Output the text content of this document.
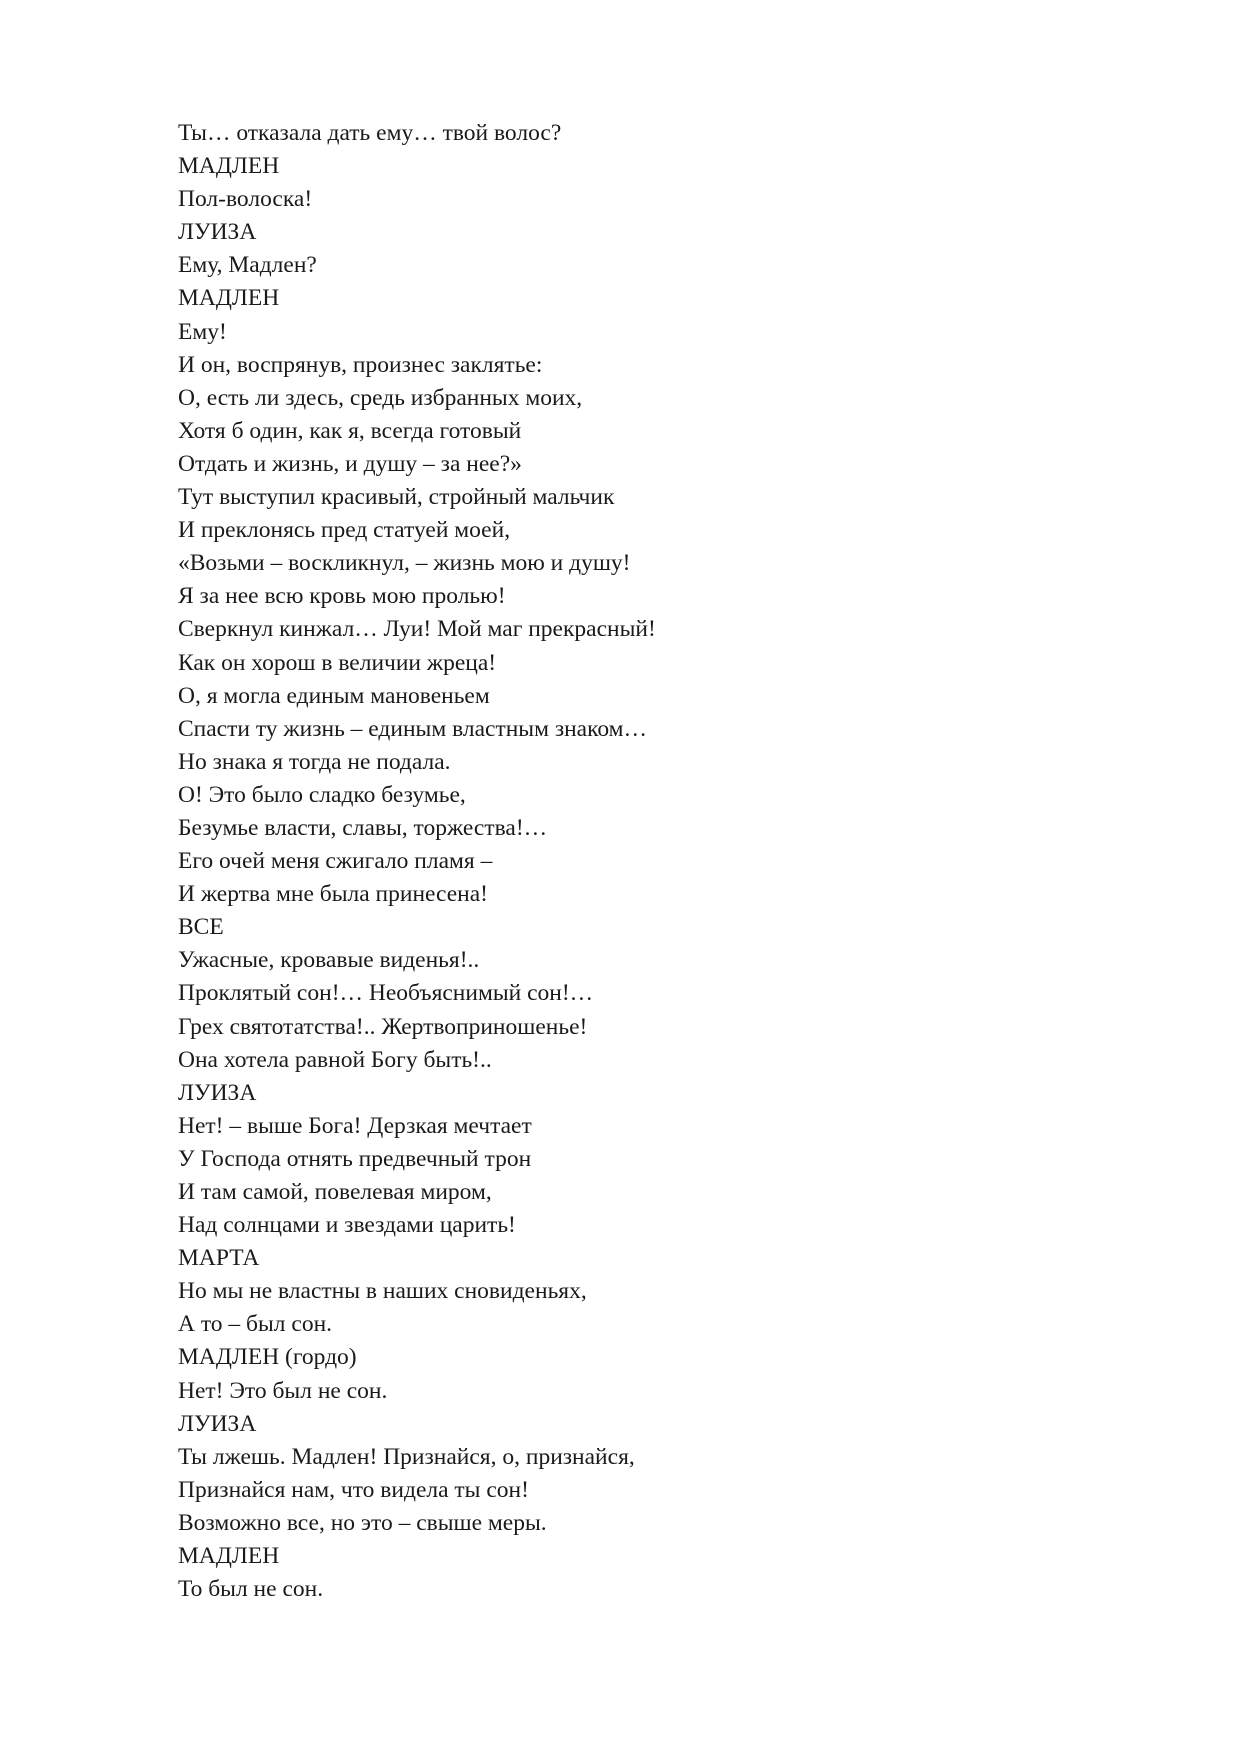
Ты… отказала дать ему… твой волос?
МАДЛЕН
Пол-волоска!
ЛУИЗА
Ему, Мадлен?
МАДЛЕН
Ему!
И он, воспрянув, произнес заклятье:
О, есть ли здесь, средь избранных моих,
Хотя б один, как я, всегда готовый
Отдать и жизнь, и душу – за нее?»
Тут выступил красивый, стройный мальчик
И преклонясь пред статуей моей,
«Возьми – воскликнул, – жизнь мою и душу!
Я за нее всю кровь мою пролью!
Сверкнул кинжал… Луи! Мой маг прекрасный!
Как он хорош в величии жреца!
О, я могла единым мановеньем
Спасти ту жизнь – единым властным знаком…
Но знака я тогда не подала.
О! Это было сладко безумье,
Безумье власти, славы, торжества!…
Его очей меня сжигало пламя –
И жертва мне была принесена!
ВСЕ
Ужасные, кровавые виденья!..
Проклятый сон!… Необъяснимый сон!…
Грех святотатства!.. Жертвоприношенье!
Она хотела равной Богу быть!..
ЛУИЗА
Нет! – выше Бога! Дерзкая мечтает
У Господа отнять предвечный трон
И там самой, повелевая миром,
Над солнцами и звездами царить!
МАРТА
Но мы не властны в наших сновиденьях,
А то – был сон.
МАДЛЕН (гордо)
Нет! Это был не сон.
ЛУИЗА
Ты лжешь. Мадлен! Признайся, о, признайся,
Признайся нам, что видела ты сон!
Возможно все, но это – свыше меры.
МАДЛЕН
То был не сон.
